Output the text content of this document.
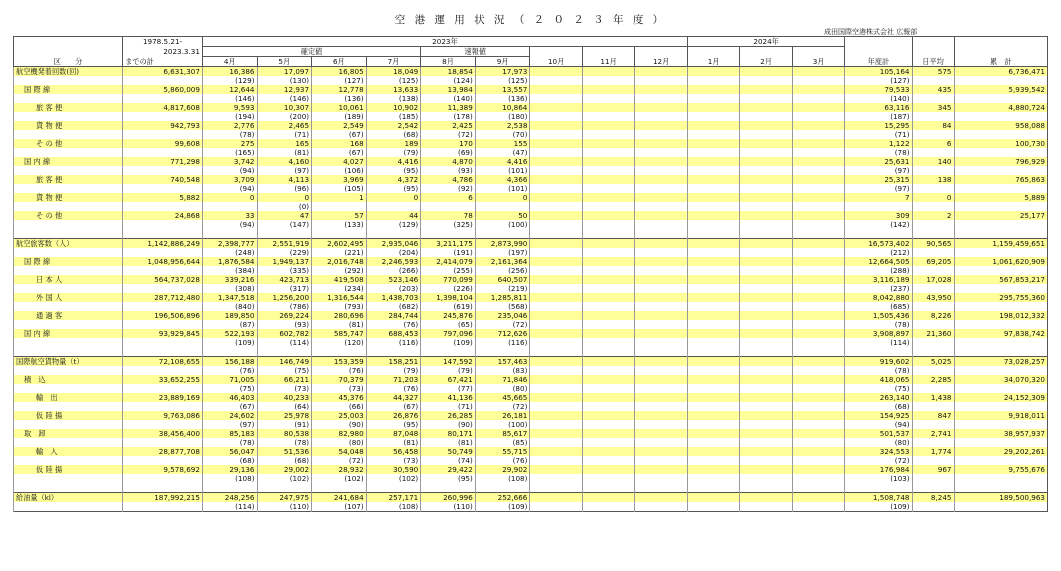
空 港 運 用 状 況 （ ２ ０ ２ ３ 年 度 ）
成田国際空港株式会社 広報部
	1978.5.21-	2023年									2024年					
	2023.3.31	確定値				速報値										
区　　分	までの計	4月	5月	6月	7月	8月	9月	10月	11月	12月	1月	2月	3月	年度計	日平均	累　計
航空機発着回数(回)	6,631,307	16,386	17,097	16,805	18,049	18,854	17,973							105,164	575	6,736,471
		(129)	(130)	(127)	(125)	(124)	(125)							(127)		
国 際 線	5,860,009	12,644	12,937	12,778	13,633	13,984	13,557							79,533	435	5,939,542
		(146)	(146)	(136)	(138)	(140)	(136)							(140)		
旅 客 便	4,817,608	9,593	10,307	10,061	10,902	11,389	10,864							63,116	345	4,880,724
		(194)	(200)	(189)	(185)	(178)	(180)							(187)		
貨 物 便	942,793	2,776	2,465	2,549	2,542	2,425	2,538							15,295	84	958,088
		(78)	(71)	(67)	(68)	(72)	(70)							(71)		
そ の 他	99,608	275	165	168	189	170	155							1,122	6	100,730
		(165)	(81)	(67)	(79)	(69)	(47)							(78)		
国 内 線	771,298	3,742	4,160	4,027	4,416	4,870	4,416							25,631	140	796,929
		(94)	(97)	(106)	(95)	(93)	(101)							(97)		
旅 客 便	740,548	3,709	4,113	3,969	4,372	4,786	4,366							25,315	138	765,863
		(94)	(96)	(105)	(95)	(92)	(101)							(97)		
貨 物 便	5,882	0	0	1	0	6	0							7	0	5,889
			(0)													
そ の 他	24,868	33	47	57	44	78	50							309	2	25,177
		(94)	(147)	(133)	(129)	(325)	(100)							(142)		

航空旅客数（人）	1,142,886,249	2,398,777	2,551,919	2,602,495	2,935,046	3,211,175	2,873,990							16,573,402	90,565	1,159,459,651
		(248)	(229)	(221)	(204)	(191)	(197)							(212)		
国 際 線	1,048,956,644	1,876,584	1,949,137	2,016,748	2,246,593	2,414,079	2,161,364							12,664,505	69,205	1,061,620,909
		(384)	(335)	(292)	(266)	(255)	(256)							(288)		
日 本 人	564,737,028	339,216	423,713	419,508	523,146	770,099	640,507							3,116,189	17,028	567,853,217
		(308)	(317)	(234)	(203)	(226)	(219)							(237)		
外 国 人	287,712,480	1,347,518	1,256,200	1,316,544	1,438,703	1,398,104	1,285,811							8,042,880	43,950	295,755,360
		(840)	(786)	(793)	(682)	(619)	(568)							(685)		
通 過 客	196,506,896	189,850	269,224	280,696	284,744	245,876	235,046							1,505,436	8,226	198,012,332
		(87)	(93)	(81)	(76)	(65)	(72)							(78)		
国 内 線	93,929,845	522,193	602,782	585,747	688,453	797,096	712,626							3,908,897	21,360	97,838,742
		(109)	(114)	(120)	(116)	(109)	(116)							(114)		

国際航空貨物量（t）	72,108,655	156,188	146,749	153,359	158,251	147,592	157,463							919,602	5,025	73,028,257
		(76)	(75)	(76)	(79)	(79)	(83)							(78)		
積　込	33,652,255	71,005	66,211	70,379	71,203	67,421	71,846							418,065	2,285	34,070,320
		(75)	(73)	(73)	(76)	(77)	(80)							(75)		
輸　出	23,889,169	46,403	40,233	45,376	44,327	41,136	45,665							263,140	1,438	24,152,309
		(67)	(64)	(66)	(67)	(71)	(72)							(68)		
仮 陸 揚	9,763,086	24,602	25,978	25,003	26,876	26,285	26,181							154,925	847	9,918,011
		(97)	(91)	(90)	(95)	(90)	(100)							(94)		
取　卸	38,456,400	85,183	80,538	82,980	87,048	80,171	85,617							501,537	2,741	38,957,937
		(78)	(78)	(80)	(81)	(81)	(85)							(80)		
輸　入	28,877,708	56,047	51,536	54,048	56,458	50,749	55,715							324,553	1,774	29,202,261
		(68)	(68)	(72)	(73)	(74)	(76)							(72)		
仮 陸 揚	9,578,692	29,136	29,002	28,932	30,590	29,422	29,902							176,984	967	9,755,676
		(108)	(102)	(102)	(102)	(95)	(108)							(103)		

給油量（kl）	187,992,215	248,256	247,975	241,684	257,171	260,996	252,666							1,508,748	8,245	189,500,963
		(114)	(110)	(107)	(108)	(110)	(109)							(109)		
